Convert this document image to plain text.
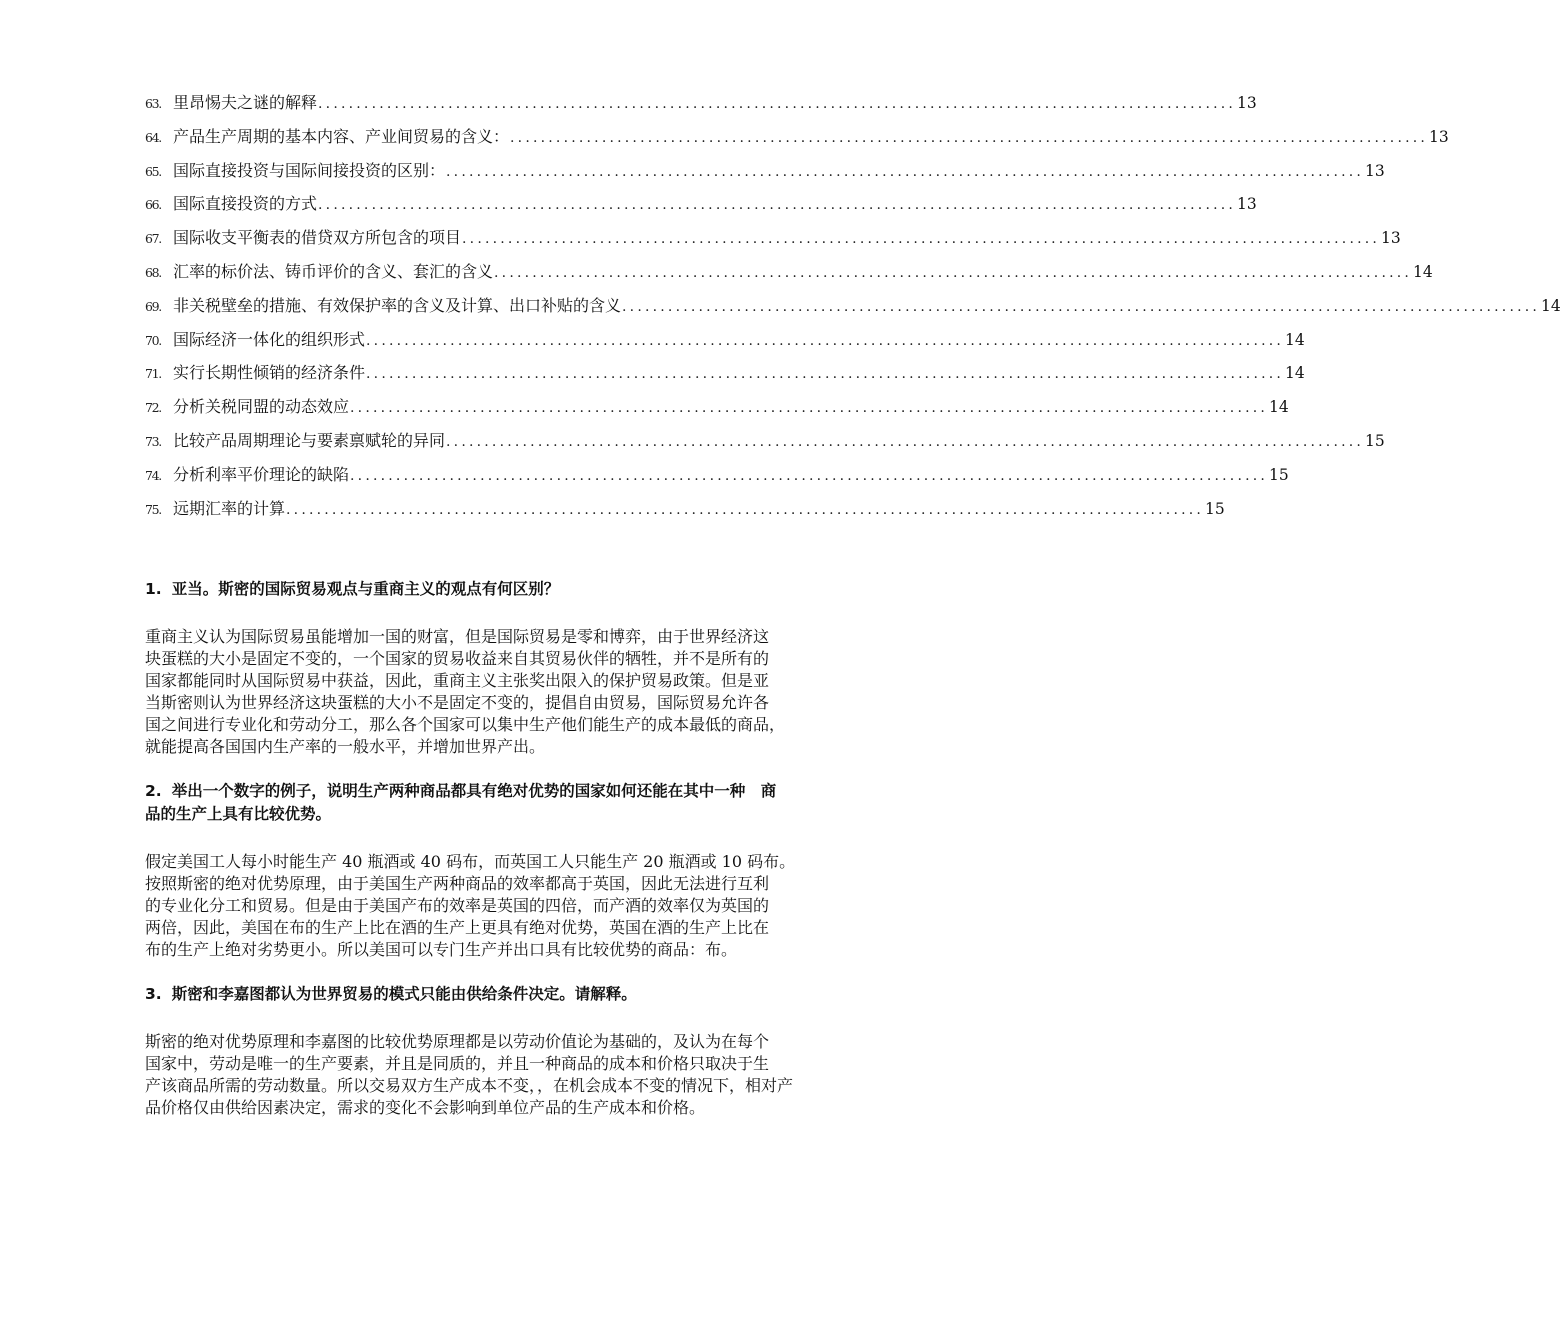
63. 里昂惕夫之谜的解释 ........................................................................................................................ 13
64. 产品生产周期的基本内容、产业间贸易的含义： ........................................................................................................................ 13
65. 国际直接投资与国际间接投资的区别： ........................................................................................................................ 13
66. 国际直接投资的方式 ........................................................................................................................ 13
67. 国际收支平衡表的借贷双方所包含的项目 ........................................................................................................................ 13
68. 汇率的标价法、铸币评价的含义、套汇的含义 ........................................................................................................................ 14
69. 非关税壁垒的措施、有效保护率的含义及计算、出口补贴的含义 ........................................................................................................................ 14
70. 国际经济一体化的组织形式 ........................................................................................................................ 14
71. 实行长期性倾销的经济条件 ........................................................................................................................ 14
72. 分析关税同盟的动态效应 ........................................................................................................................ 14
73. 比较产品周期理论与要素禀赋轮的异同 ........................................................................................................................ 15
74. 分析利率平价理论的缺陷 ........................................................................................................................ 15
75. 远期汇率的计算 ........................................................................................................................ 15

1. 亚当。斯密的国际贸易观点与重商主义的观点有何区别？

重商主义认为国际贸易虽能增加一国的财富，但是国际贸易是零和博弈，由于世界经济这
块蛋糕的大小是固定不变的，一个国家的贸易收益来自其贸易伙伴的牺牲，并不是所有的
国家都能同时从国际贸易中获益，因此，重商主义主张奖出限入的保护贸易政策。但是亚
当斯密则认为世界经济这块蛋糕的大小不是固定不变的，提倡自由贸易，国际贸易允许各
国之间进行专业化和劳动分工，那么各个国家可以集中生产他们能生产的成本最低的商品，
就能提高各国国内生产率的一般水平，并增加世界产出。

2. 举出一个数字的例子，说明生产两种商品都具有绝对优势的国家如何还能在其中一种　商
品的生产上具有比较优势。

假定美国工人每小时能生产 40 瓶酒或 40 码布，而英国工人只能生产 20 瓶酒或 10 码布。
按照斯密的绝对优势原理，由于美国生产两种商品的效率都高于英国，因此无法进行互利
的专业化分工和贸易。但是由于美国产布的效率是英国的四倍，而产酒的效率仅为英国的
两倍，因此，美国在布的生产上比在酒的生产上更具有绝对优势，英国在酒的生产上比在
布的生产上绝对劣势更小。所以美国可以专门生产并出口具有比较优势的商品：布。

3. 斯密和李嘉图都认为世界贸易的模式只能由供给条件决定。请解释。

斯密的绝对优势原理和李嘉图的比较优势原理都是以劳动价值论为基础的，及认为在每个
国家中，劳动是唯一的生产要素，并且是同质的，并且一种商品的成本和价格只取决于生
产该商品所需的劳动数量。所以交易双方生产成本不变，，在机会成本不变的情况下，相对产
品价格仅由供给因素决定，需求的变化不会影响到单位产品的生产成本和价格。
